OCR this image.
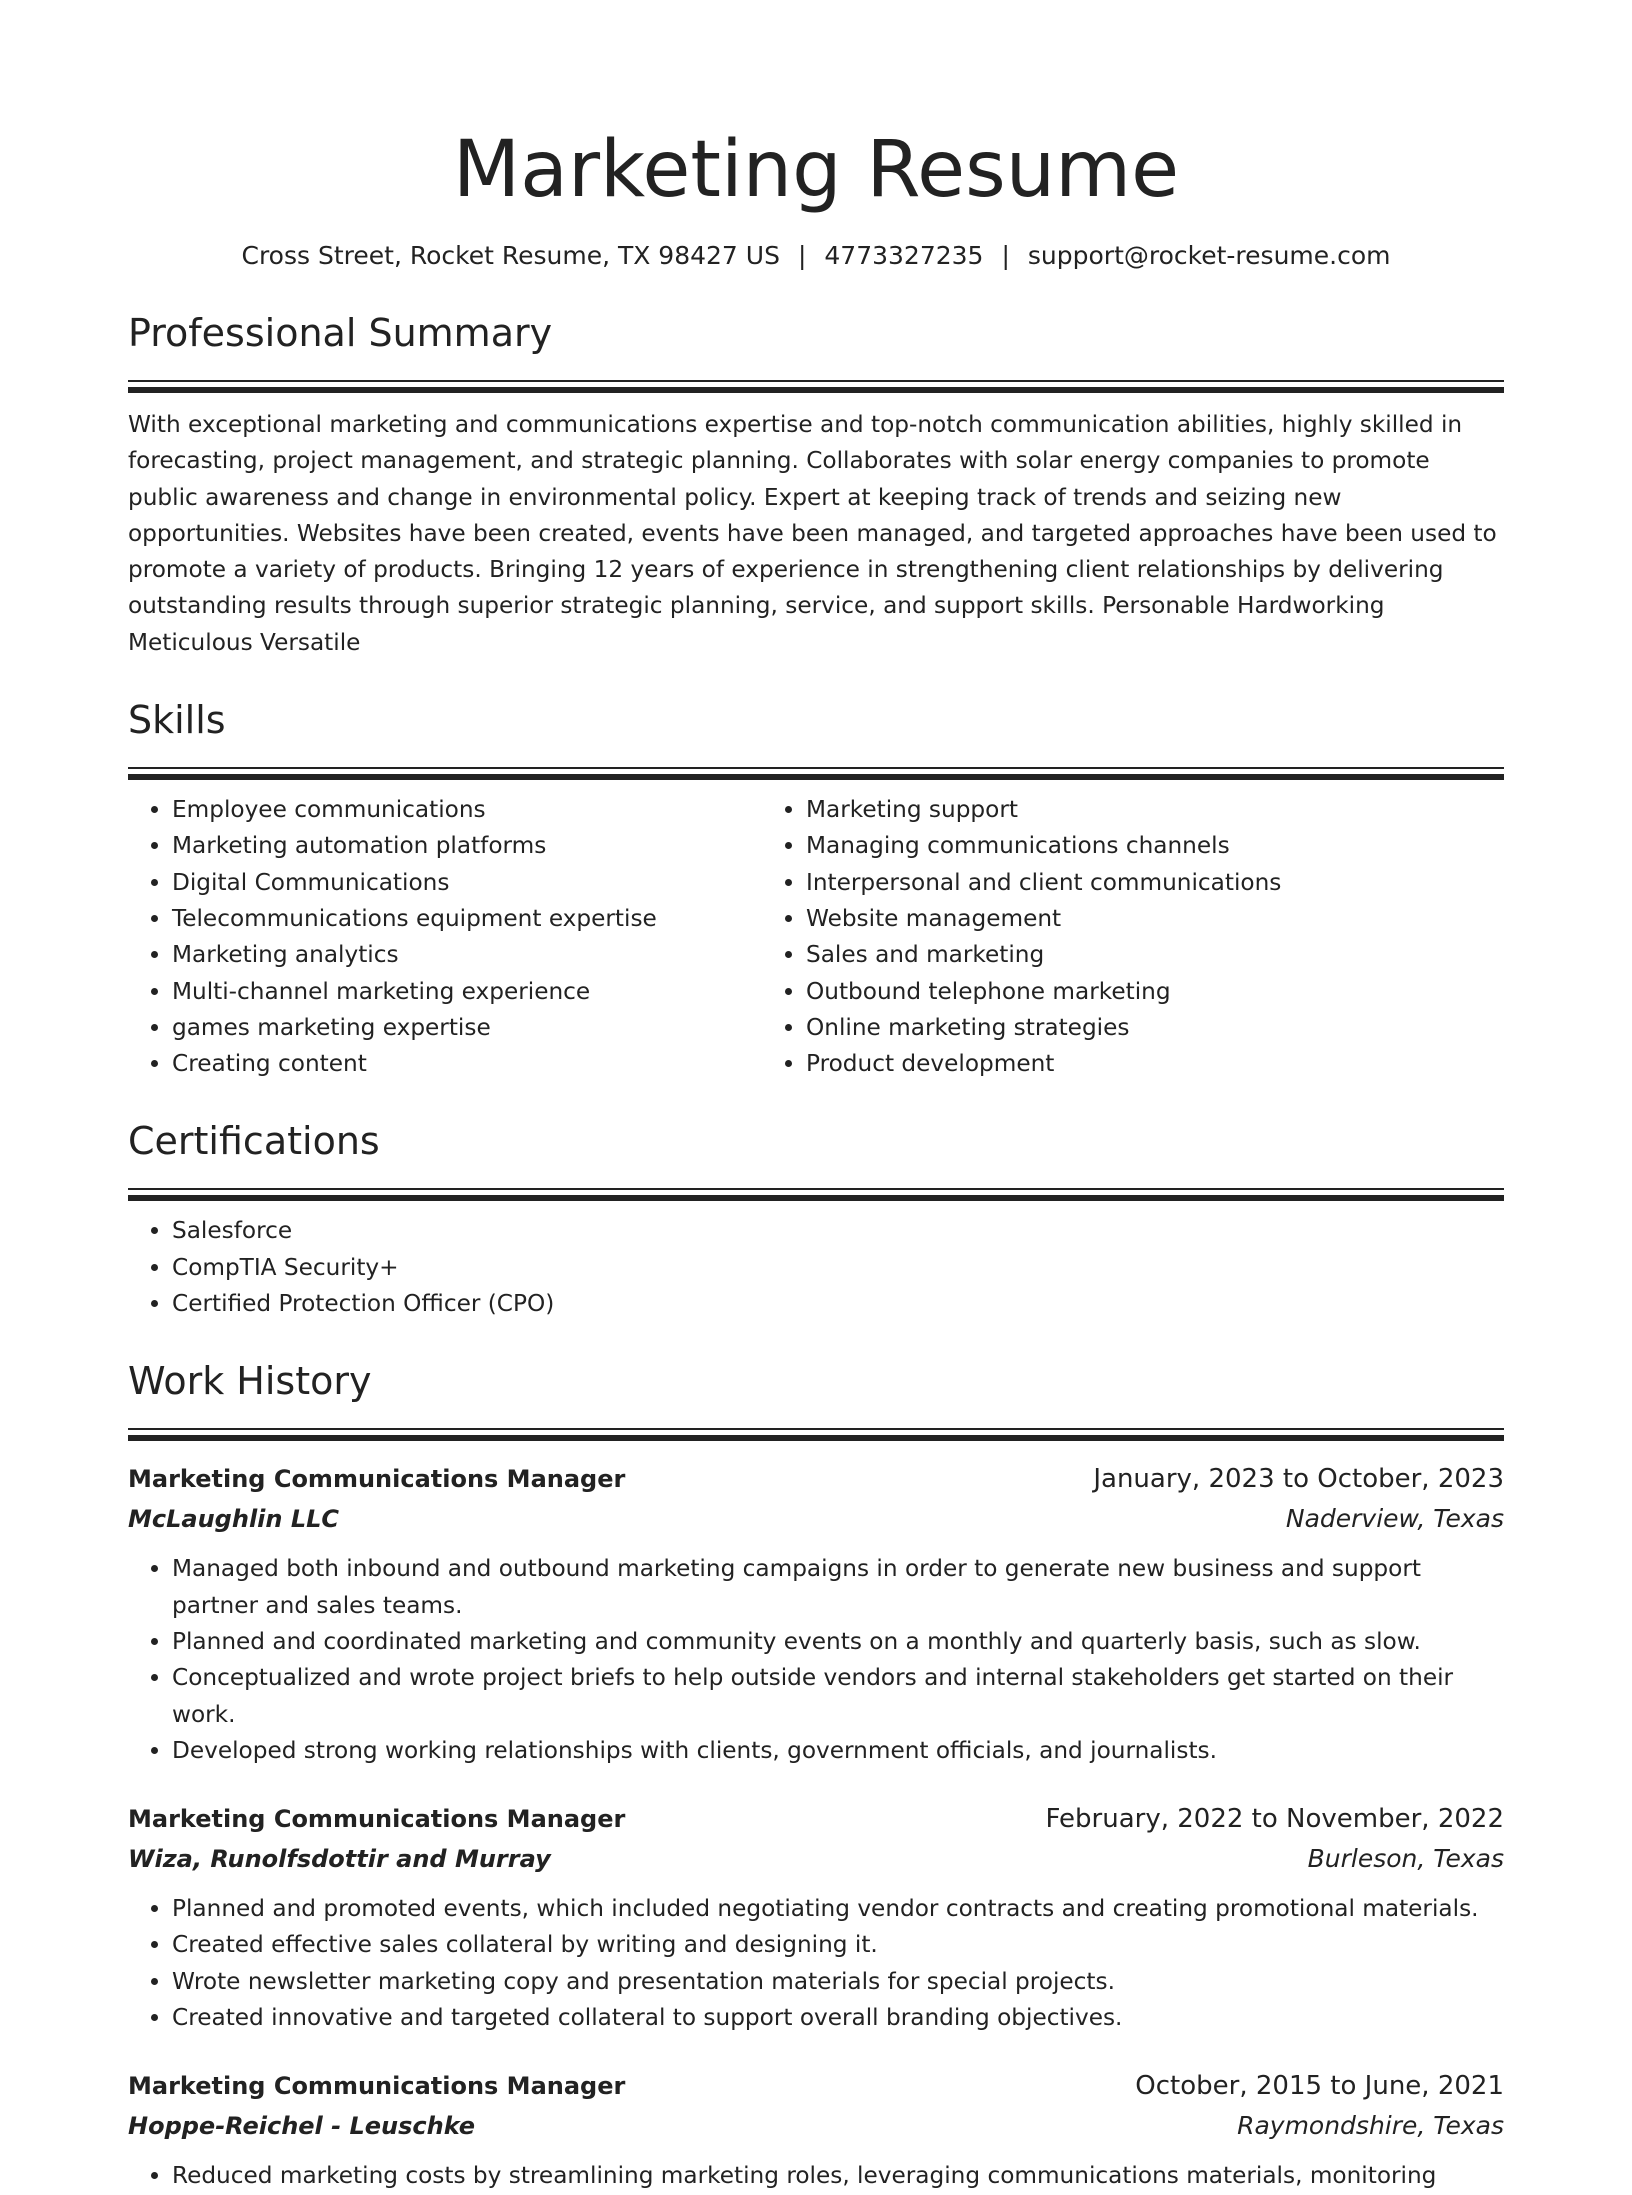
Marketing Resume
Cross Street, Rocket Resume, TX 98427 US | 4773327235 | support@rocket-resume.com
Professional Summary
With exceptional marketing and communications expertise and top-notch communication abilities, highly skilled in forecasting, project management, and strategic planning. Collaborates with solar energy companies to promote public awareness and change in environmental policy. Expert at keeping track of trends and seizing new opportunities. Websites have been created, events have been managed, and targeted approaches have been used to promote a variety of products. Bringing 12 years of experience in strengthening client relationships by delivering outstanding results through superior strategic planning, service, and support skills. Personable Hardworking Meticulous Versatile
Skills
• Employee communications
• Marketing automation platforms
• Digital Communications
• Telecommunications equipment expertise
• Marketing analytics
• Multi-channel marketing experience
• games marketing expertise
• Creating content
• Marketing support
• Managing communications channels
• Interpersonal and client communications
• Website management
• Sales and marketing
• Outbound telephone marketing
• Online marketing strategies
• Product development
Certifications
• Salesforce
• CompTIA Security+
• Certified Protection Officer (CPO)
Work History
Marketing Communications Manager	January, 2023 to October, 2023
McLaughlin LLC	Naderview, Texas
• Managed both inbound and outbound marketing campaigns in order to generate new business and support partner and sales teams.
• Planned and coordinated marketing and community events on a monthly and quarterly basis, such as slow.
• Conceptualized and wrote project briefs to help outside vendors and internal stakeholders get started on their work.
• Developed strong working relationships with clients, government officials, and journalists.
Marketing Communications Manager	February, 2022 to November, 2022
Wiza, Runolfsdottir and Murray	Burleson, Texas
• Planned and promoted events, which included negotiating vendor contracts and creating promotional materials.
• Created effective sales collateral by writing and designing it.
• Wrote newsletter marketing copy and presentation materials for special projects.
• Created innovative and targeted collateral to support overall branding objectives.
Marketing Communications Manager	October, 2015 to June, 2021
Hoppe-Reichel - Leuschke	Raymondshire, Texas
• Reduced marketing costs by streamlining marketing roles, leveraging communications materials, monitoring
